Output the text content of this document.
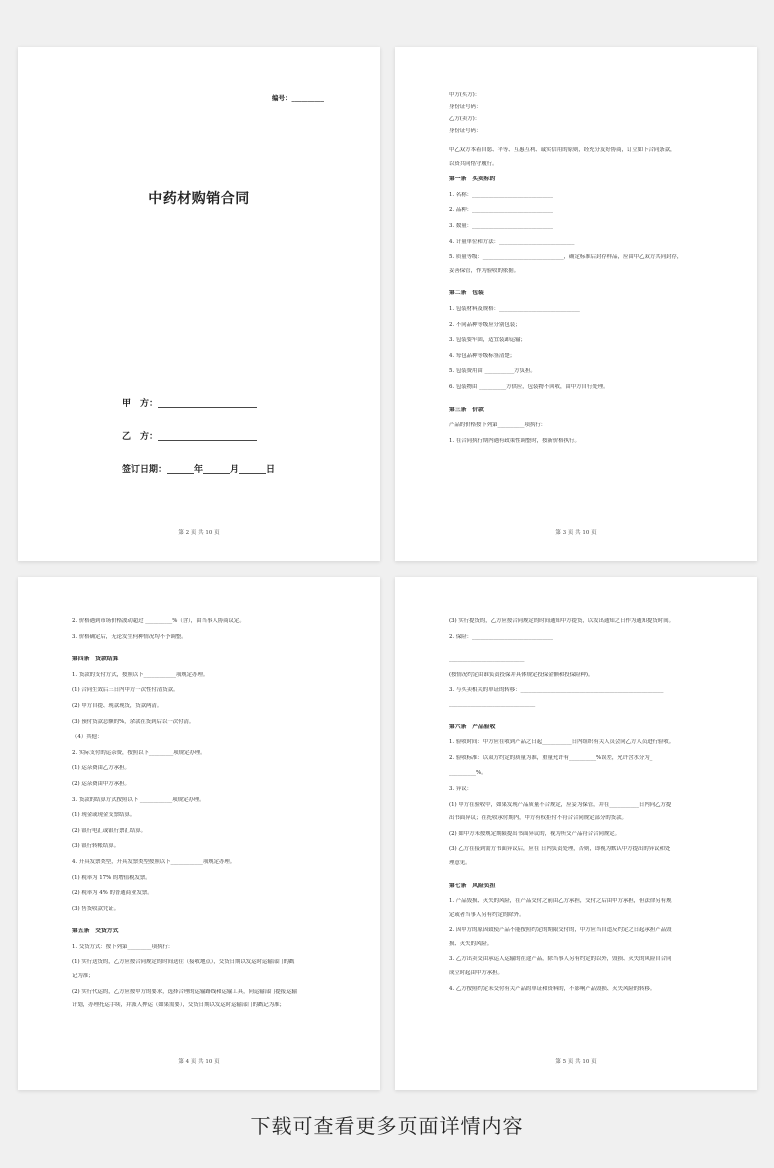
编号：__________
中药材购销合同
甲　方：______________________
乙　方：______________________
签订日期：______年______月______日
第 2 页 共 10 页
甲方(买方)：
身份证号码：
乙方(卖方)：
身份证号码：
甲乙双方本着自愿、平等、互惠互利、诚实信用的原则，经充分友好协商，订立如下合同条款，
以资共同恪守履行。
第一条　买卖标的
1. 名称：______________________________
2. 品种：______________________________
3. 数量：______________________________
4. 计量单位和方法：____________________________
5. 质量等级：______________________________，确定标准后封存样品，应由甲乙双方共同封存，
妥善保管，作为验收的依据。
第二条　包装
1. 包装材料及规格：______________________________
2. 不同品种等级应分别包装；
3. 包装要牢固，适宜装卸运输；
4. 每包品种等级标签清楚；
5. 包装费用由 ___________方负担。
6. 包装物由 __________方供应，包装物不回收，由甲方自行处理。
第三条　价款
产品的价格按下列第__________项执行：
1. 在合同执行期内遇有政策性调整时，按新价格执行。
第 3 页 共 10 页
2. 价格遇到市场价格波动超过 __________%（含），由当事人协商议定。
3. 价格确定后，无论发生何种情况均不予调整。
第四条　货款结算
1. 货款的支付方式，按照以下____________项规定办理。
(1) 合同生效后三日内甲方一次性付清货款。
(2) 甲方自提、现款现货，货款两清。
(3) 预付货款总额的%，余款在货到后以一次付清。
（4）其他：
2. 实际支付的运杂费，按照以下_________项规定办理。
(1) 运杂费由乙方承担。
(2) 运杂费由甲方承担。
3. 货款的结算方式按照以下 ____________项规定办理。
(1) 现金或现金支票结算。
(2) 银行电汇或银行票汇结算。
(3) 银行转帐结算。
4. 开具发票类型，开具发票类型按照以下____________项规定办理。
(1) 税率为 17% 的增值税发票。
(2) 税率为 4% 的普通商业发票。
(3) 售货收款凭证。
第五条　交货方式
1. 交货方式：按下列第_________项执行：
(1) 实行送货的，乙方应按合同规定的时间送往（接收地点），交货日期以发运时运输部门的戳
记为准；
(2) 实行代运的，乙方应按甲方的要求，选择合理的运输路线和运输工具，向运输部门提报运输
计划，办理托运手续，并派人押运（如果需要），交货日期以发运时运输部门的戳记为准；
第 4 页 共 10 页
(3) 实行提货的，乙方应按合同规定的时间通知甲方提货，以发出通知之日作为通知提货时间。
2. 保险：______________________________
____________________________
(按情况约定由谁负责投保并具体规定投保金额和投保险种)。
3. 与买卖相关的单证的转移：_____________________________________________________
________________________________
第六条　产品验收
1. 验收时间：甲方应在收到产品之日起___________日内组织有关人员会同乙方人员进行验收。
2. 验收标准：以双方约定的质量为准，重量允许有__________%误差，允许含水分为_
__________%。
3. 异议：
(1) 甲方在验收中，如果发现产品质量不合规定，应妥为保管，并在___________日内向乙方提
出书面异议；在托收承付期内，甲方有权拒付不符合合同规定部分的货款。
(2) 如甲方未按规定期限提出书面异议的，视为所交产品符合合同规定。
(3) 乙方在接到需方书面异议后，应在 日内负责处理，否则，即视为默认甲方提出的异议和处
理意见。
第七条　风险负担
1. 产品毁损、灭失的风险，在产品交付之前由乙方承担，交付之后由甲方承担，但法律另有规
定或者当事人另有约定的除外。
2. 因甲方的原因致使产品不能按照约定的期限交付的，甲方应当自违反约定之日起承担产品毁
损、灭失的风险。
3. 乙方出卖交由承运人运输的在途产品，除当事人另有约定的以外，毁损、灭失的风险自合同
成立时起由甲方承担。
4. 乙方按照约定未交付有关产品的单证和资料的，不影响产品毁损、灭失风险的转移。
第 5 页 共 10 页
下载可查看更多页面详情内容
